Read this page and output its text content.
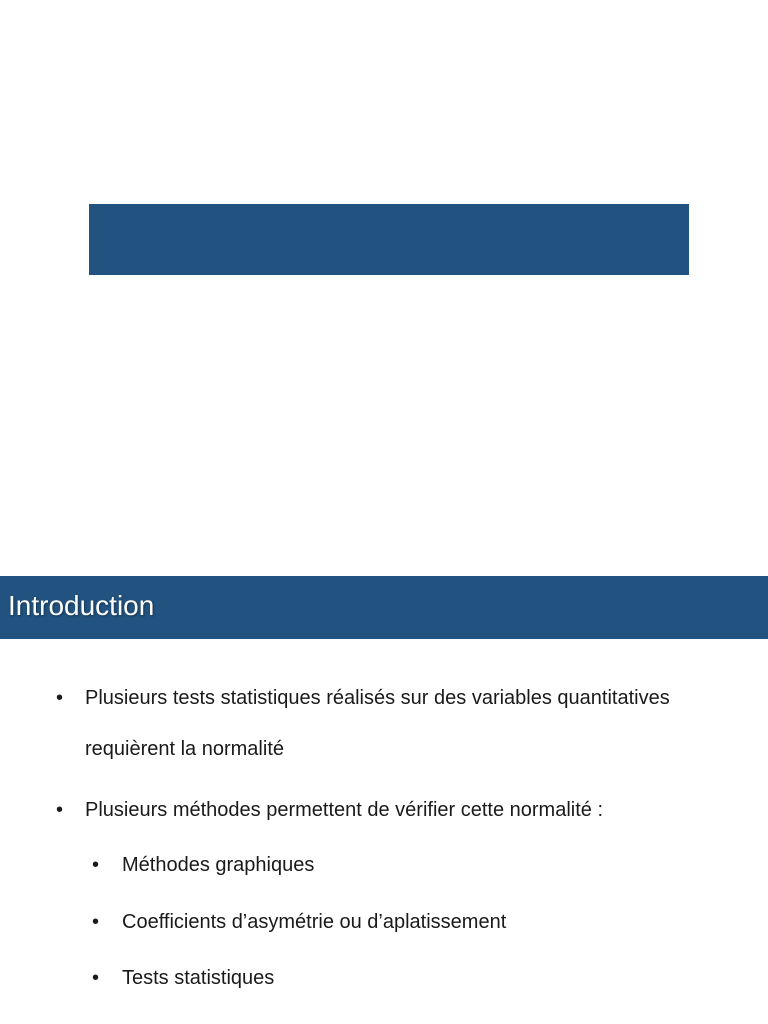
Introduction
• Plusieurs tests statistiques réalisés sur des variables quantitatives
requièrent la normalité
• Plusieurs méthodes permettent de vérifier cette normalité :
• Méthodes graphiques
• Coefficients d’asymétrie ou d’aplatissement
• Tests statistiques
